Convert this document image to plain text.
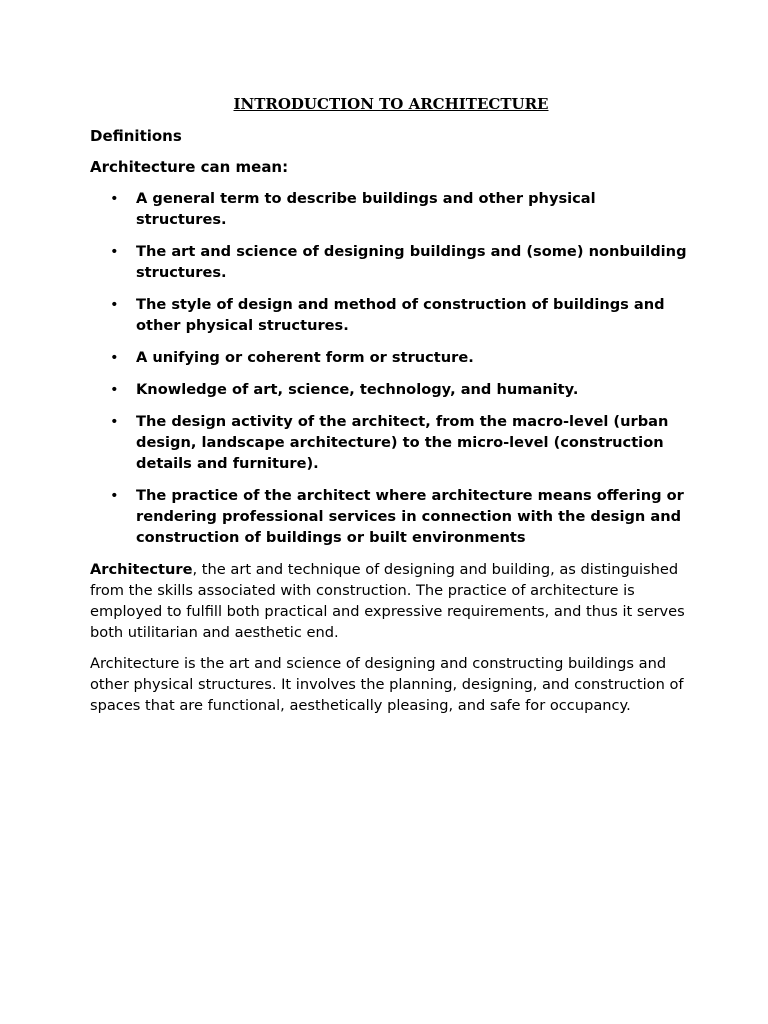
INTRODUCTION TO ARCHITECTURE
Definitions
Architecture can mean:
• A general term to describe buildings and other physical structures.
• The art and science of designing buildings and (some) nonbuilding structures.
• The style of design and method of construction of buildings and other physical structures.
• A unifying or coherent form or structure.
• Knowledge of art, science, technology, and humanity.
• The design activity of the architect, from the macro-level (urban design, landscape architecture) to the micro-level (construction details and furniture).
• The practice of the architect where architecture means offering or rendering professional services in connection with the design and construction of buildings or built environments

Architecture, the art and technique of designing and building, as distinguished from the skills associated with construction. The practice of architecture is employed to fulfill both practical and expressive requirements, and thus it serves both utilitarian and aesthetic end.

Architecture is the art and science of designing and constructing buildings and other physical structures. It involves the planning, designing, and construction of spaces that are functional, aesthetically pleasing, and safe for occupancy.
